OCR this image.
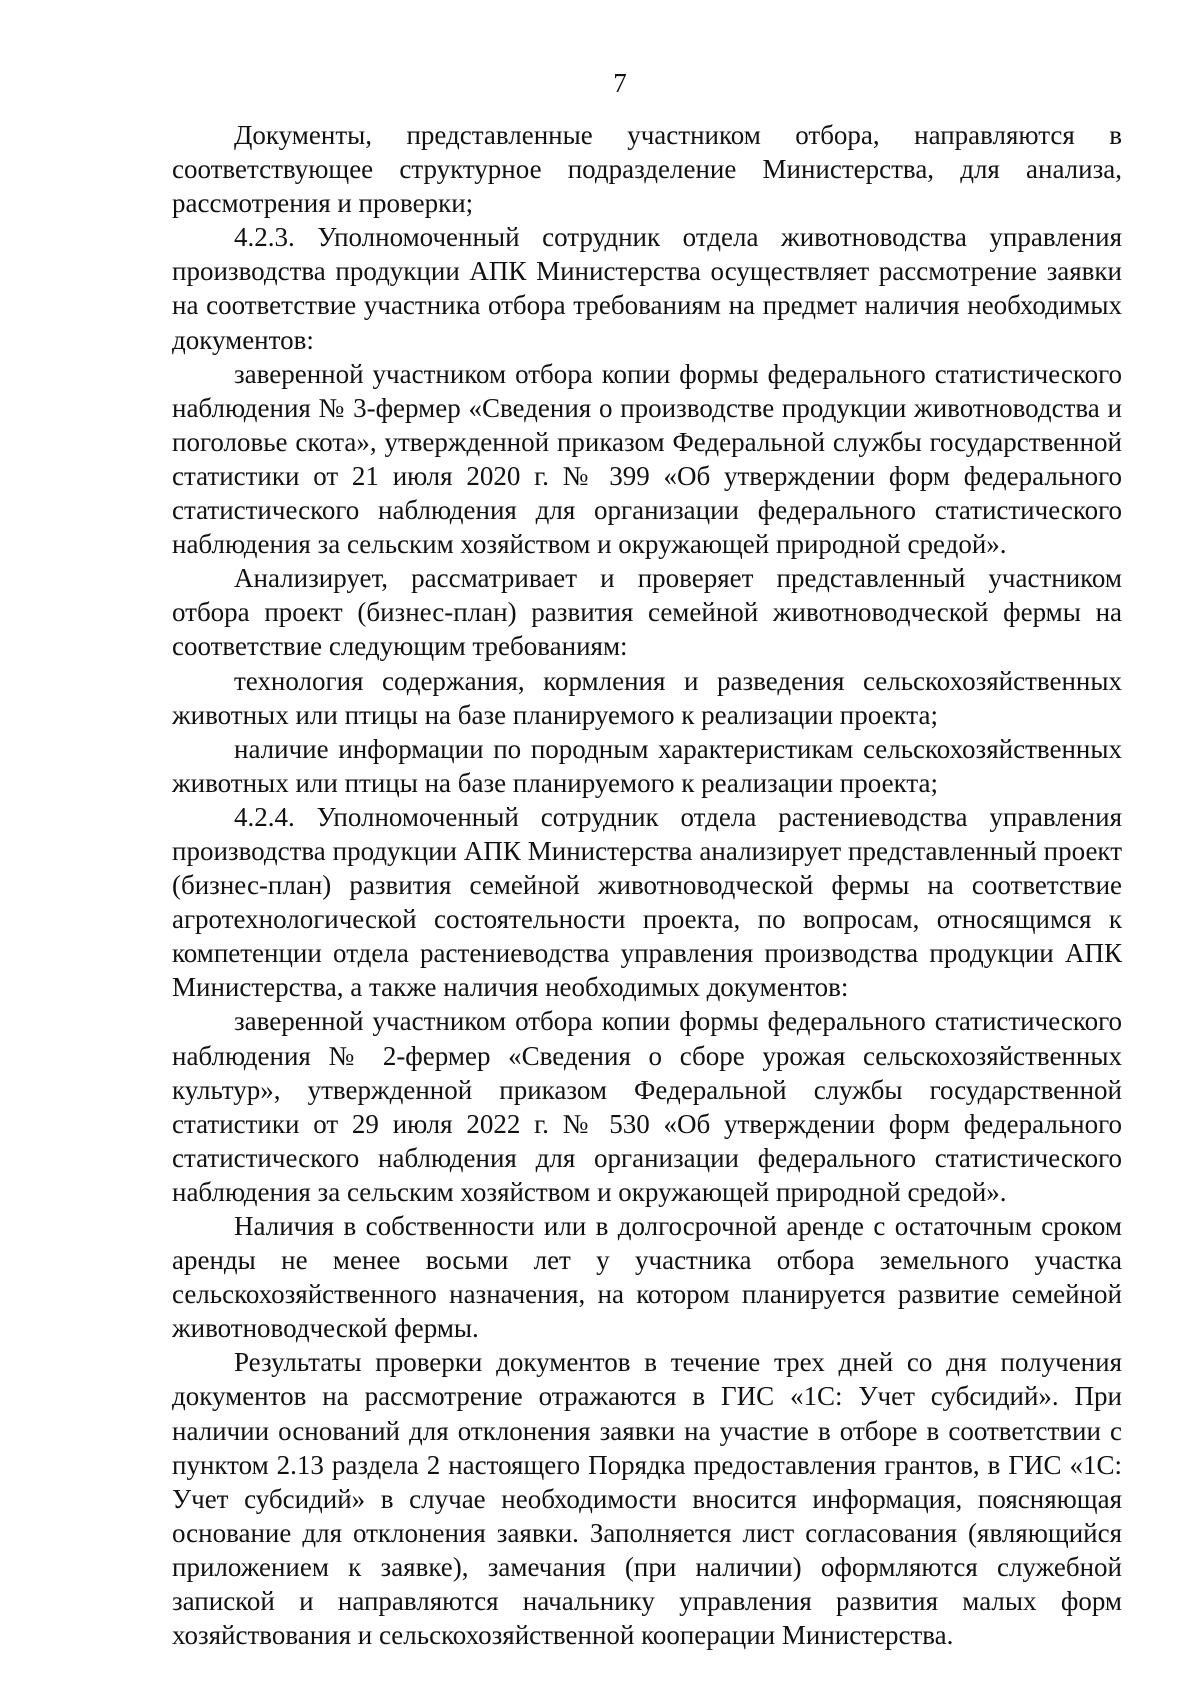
7

Документы, представленные участником отбора, направляются в соответствующее структурное подразделение Министерства, для анализа, рассмотрения и проверки;

4.2.3. Уполномоченный сотрудник отдела животноводства управления производства продукции АПК Министерства осуществляет рассмотрение заявки на соответствие участника отбора требованиям на предмет наличия необходимых документов:

заверенной участником отбора копии формы федерального статистического наблюдения № 3-фермер «Сведения о производстве продукции животноводства и поголовье скота», утвержденной приказом Федеральной службы государственной статистики от 21 июля 2020 г. № 399 «Об утверждении форм федерального статистического наблюдения для организации федерального статистического наблюдения за сельским хозяйством и окружающей природной средой».

Анализирует, рассматривает и проверяет представленный участником отбора проект (бизнес-план) развития семейной животноводческой фермы на соответствие следующим требованиям:

технология содержания, кормления и разведения сельскохозяйственных животных или птицы на базе планируемого к реализации проекта;

наличие информации по породным характеристикам сельскохозяйственных животных или птицы на базе планируемого к реализации проекта;

4.2.4. Уполномоченный сотрудник отдела растениеводства управления производства продукции АПК Министерства анализирует представленный проект (бизнес-план) развития семейной животноводческой фермы на соответствие агротехнологической состоятельности проекта, по вопросам, относящимся к компетенции отдела растениеводства управления производства продукции АПК Министерства, а также наличия необходимых документов:

заверенной участником отбора копии формы федерального статистического наблюдения № 2-фермер «Сведения о сборе урожая сельскохозяйственных культур», утвержденной приказом Федеральной службы государственной статистики от 29 июля 2022 г. № 530 «Об утверждении форм федерального статистического наблюдения для организации федерального статистического наблюдения за сельским хозяйством и окружающей природной средой».

Наличия в собственности или в долгосрочной аренде с остаточным сроком аренды не менее восьми лет у участника отбора земельного участка сельскохозяйственного назначения, на котором планируется развитие семейной животноводческой фермы.

Результаты проверки документов в течение трех дней со дня получения документов на рассмотрение отражаются в ГИС «1С: Учет субсидий». При наличии оснований для отклонения заявки на участие в отборе в соответствии с пунктом 2.13 раздела 2 настоящего Порядка предоставления грантов, в ГИС «1С: Учет субсидий» в случае необходимости вносится информация, поясняющая основание для отклонения заявки. Заполняется лист согласования (являющийся приложением к заявке), замечания (при наличии) оформляются служебной запиской и направляются начальнику управления развития малых форм хозяйствования и сельскохозяйственной кооперации Министерства.
